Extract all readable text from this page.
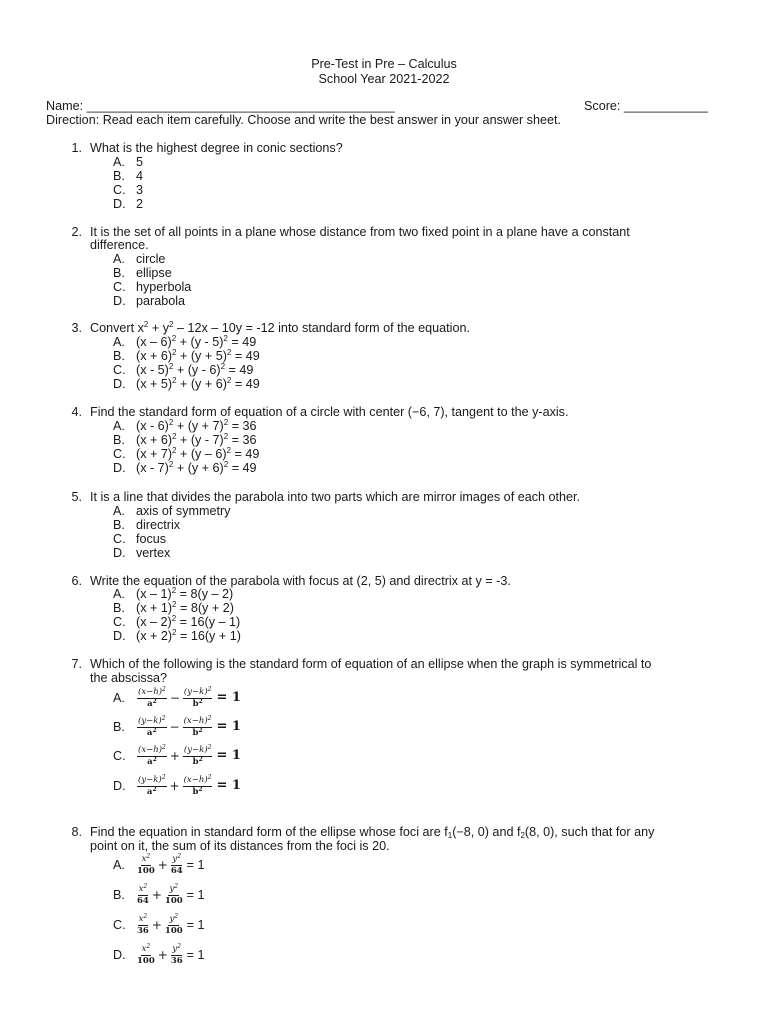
Pre-Test in Pre – Calculus
School Year 2021-2022
Name: ____________________________________________	Score: ____________
Direction: Read each item carefully. Choose and write the best answer in your answer sheet.
1. What is the highest degree in conic sections?
A. 5
B. 4
C. 3
D. 2
2. It is the set of all points in a plane whose distance from two fixed point in a plane have a constant
difference.
A. circle
B. ellipse
C. hyperbola
D. parabola
3. Convert $x^2 + y^2 - 12x - 10y = -12$ into standard form of the equation.
A. (x – 6)$^2$ + (y - 5)$^2$ = 49
B. $(x + 6)^2 + (y + 5)^2 = 49$
C. (x - 5)$^2$ + (y - 6)$^2$ = 49
D. $(x + 5)^2 + (y + 6)^2 = 49$
4. Find the standard form of equation of a circle with center (−6, 7), tangent to the y-axis.
A. $(x - 6)^2 + (y + 7)^2 = 36$
B. $(x + 6)^2 + (y - 7)^2 = 36$
C. $(x + 7)^2 + (y - 6)^2 = 49$
D. $(x - 7)^2 + (y + 6)^2 = 49$
5. It is a line that divides the parabola into two parts which are mirror images of each other.
A. axis of symmetry
B. directrix
C. focus
D. vertex
6. Write the equation of the parabola with focus at (2, 5) and directrix at y = -3.
A. (x – 1)$^2$ = 8(y – 2)
B. $(x + 1)^2 = 8(y + 2)$
C. (x – 2)$^2$ = 16(y – 1)
D. $(x + 2)^2 = 16(y + 1)$
7. Which of the following is the standard form of equation of an ellipse when the graph is symmetrical to
the abscissa?
A.	$(x-h)^2$
$a^2 - \frac{(y-k)^2}{b^2} = 1$
B.	$(y-k)^2$
$a^2 - \frac{(x-h)^2}{b^2} = 1$
C.	$(x-h)^2$
$a^2 + \frac{(y-k)^2}{b^2} = 1$
D.	$(y-k)^2$
$a^2 + \frac{(x-h)^2}{b^2} = 1$
8. Find the equation in standard form of the ellipse whose foci are $f_1(-8$, 0) and $f_2(8$, 0), such that for any
point on it, the sum of its distances from the foci is 20.
A.	$x^2$
$100 + \frac{y^2}{64} = 1$
B.	$x^2$
$64 + \frac{y^2}{100} = 1$
C.	$x^2$
$36 + \frac{y^2}{100} = 1$
D.	$x^2$
$100 + \frac{y^2}{36} = 1$
